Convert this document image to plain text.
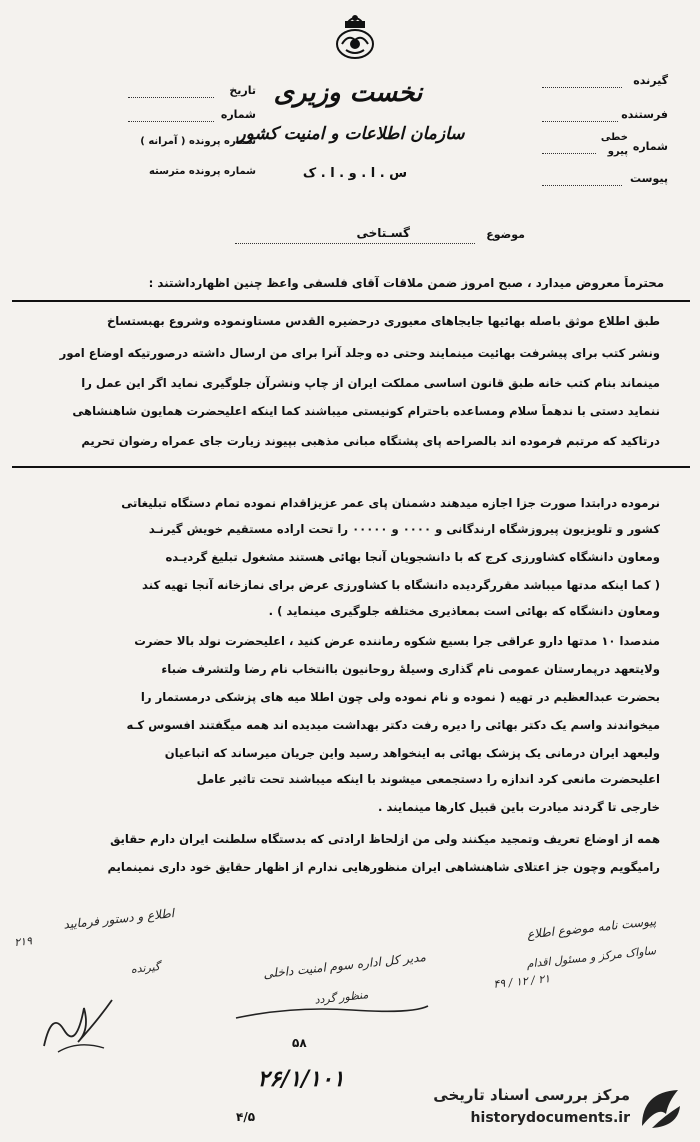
نخست وزیری
سازمان اطلاعات و امنیت کشور
س . ا . و . ا . ک
گیرنده
فرستنده
شماره
خطی
پیرو
پیوست
تاریخ
شماره
شماره پرونده ( آمرانه )
شماره پرونده مترسته
موضوع
گسـتاخی
محترماً معروض میدارد ، صبح امروز ضمن ملاقات آقای فلسفی واعظ چنین اظهارداشتند :
طبق اطلاع موثق باصله بهائیها جایجاهای معیوری درحضیره القدس مستاونموده وشروع بهبستساخ
ونشر کتب برای پیشرفت بهائیت مینمایند وحتی ده وجلد آنرا برای من ارسال داشته درصورتیکه اوضاع امور
مینماند بنام کتب خانه طبق قانون اساسی مملکت ایران از چاپ ونشرآن جلوگیری نماید اگر این عمل را
ننماید دستی با ندهماً سلام ومساعده باحترام کونیستی میباشند کما اینکه اعلیحضرت همایون شاهنشاهی
درتاکید که مرتبم فرموده اند بالصراحه پای پشتگاه مبانی مذهبی بپیوند زیارت جای عمراه رضوان تحریم
نرموده درابتدا صورت جزا اجازه میدهند دشمنان پای عمر عزیزاقدام نموده تمام دستگاه تبلیغاتی
کشور و تلویزیون پیروزشگاه ارندگانی و ۰۰۰۰ و ۰۰۰۰۰ را تحت اراده مستقیم خویش گیرنـد
ومعاون دانشگاه کشاورزی کرج که با دانشجویان آنجا بهائی هستند مشغول تبلیغ گردیـده
( کما اینکه مدتها میباشد مقررگردیده دانشگاه با کشاورزی عرض برای نمازخانه آنجا تهیه کند
ومعاون دانشگاه که بهائی است بمعاذیری مختلفه جلوگیری مینماید ) .
مندصدا ۱۰ مدتها دارو عراقی جرا بسیع شکوه رماننده عرض کنید ، اعلیحضرت نولد بالا حضرت
ولایتعهد درپمارستان عمومی نام گذاری وسیلهٔ روحانیون باانتخاب نام رضا ولتشرف ضباء
بحضرت عبدالعظیم در تهیه ( نموده و نام نموده ولی چون اطلا میه های پزشکی درمستمار را
میخواندند واسم یک دکتر بهائی را دیره رفت دکتر بهداشت میدیده اند همه میگفتند افسوس کـه
ولیعهد ایران درمانی یک پزشک بهائی به اینخواهد رسید واین جریان میرساند که اتباعیان
اعلیحضرت مانعی کرد اندازه را دستجمعی میشوند با اینکه میباشند تحت تاثیر عامل
خارجی تا گردند میادرت باین قبیل کارها مینمایند .
همه از اوضاع تعریف وتمجید میکنند ولی من ازلحاظ ارادتی که بدستگاه سلطنت ایران دارم حقایق
رامیگویم وچون جز اعتلای شاهنشاهی ایران منظورهایی ندارم از اظهار حقایق خود داری نمینمایم
پیوست نامه موضوع اطلاع
ساواک مرکز و مسئول اقدام
۲۱ / ۱۲ / ۴۹
مدیر کل اداره سوم امنیت داخلی
منظور گردد
۵۸
اطلاع و دستور فرمایید
۲۱۹
گیرنده
۲۶/۱/۱۰۱
۴/۵
مرکز بررسی اسناد تاریخی
historydocuments.ir
